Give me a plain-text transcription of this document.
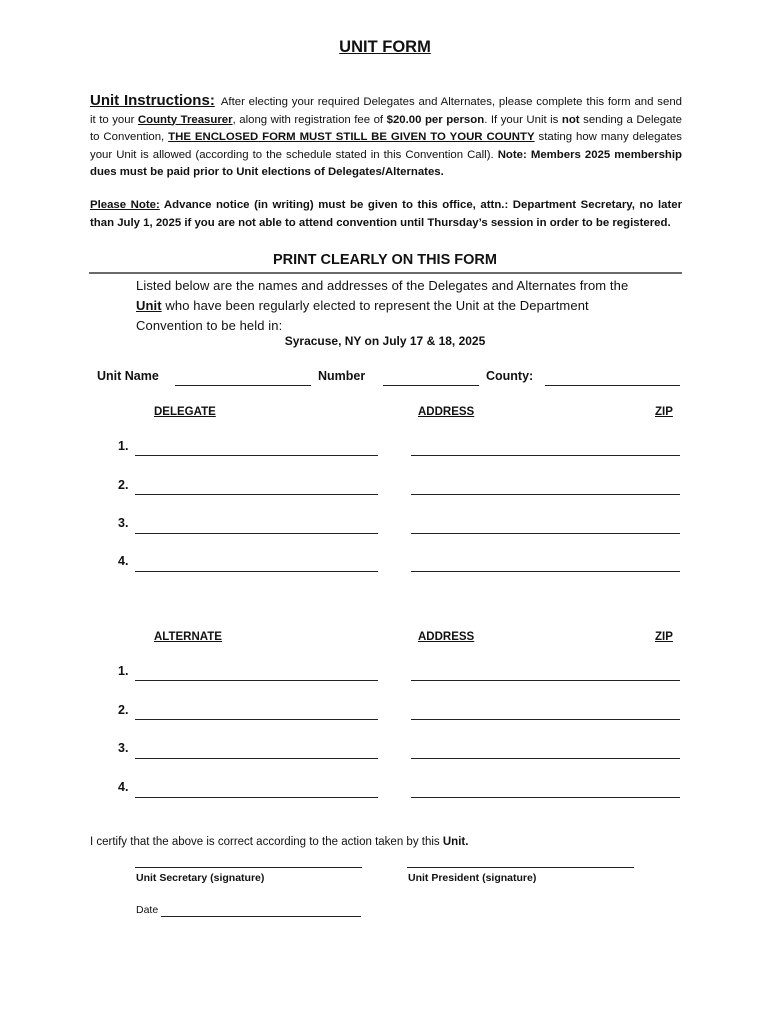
UNIT FORM
Unit Instructions: After electing your required Delegates and Alternates, please complete this form and send it to your County Treasurer, along with registration fee of $20.00 per person. If your Unit is not sending a Delegate to Convention, THE ENCLOSED FORM MUST STILL BE GIVEN TO YOUR COUNTY stating how many delegates your Unit is allowed (according to the schedule stated in this Convention Call). Note: Members 2025 membership dues must be paid prior to Unit elections of Delegates/Alternates.
Please Note: Advance notice (in writing) must be given to this office, attn.: Department Secretary, no later than July 1, 2025 if you are not able to attend convention until Thursday’s session in order to be registered.
PRINT CLEARLY ON THIS FORM
Listed below are the names and addresses of the Delegates and Alternates from the Unit who have been regularly elected to represent the Unit at the Department Convention to be held in:
Syracuse, NY on July 17 & 18, 2025
Unit Name	Number	County:
DELEGATE	ADDRESS	ZIP
1.
2.
3.
4.
ALTERNATE	ADDRESS	ZIP
1.
2.
3.
4.
I certify that the above is correct according to the action taken by this Unit.
Unit Secretary (signature)	Unit President (signature)
Date
